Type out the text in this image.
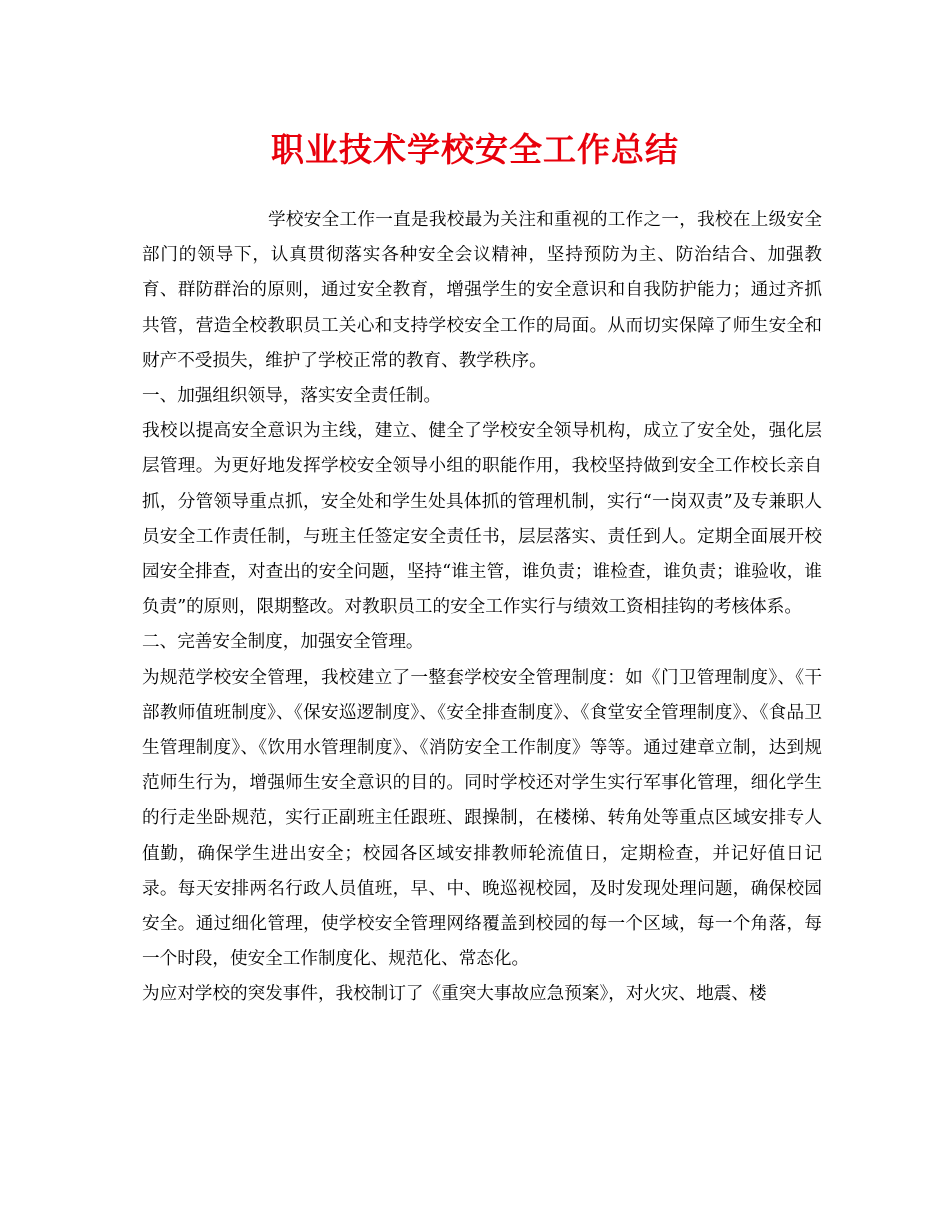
职业技术学校安全工作总结

学校安全工作一直是我校最为关注和重视的工作之一，我校在上级安全部门的领导下，认真贯彻落实各种安全会议精神，坚持预防为主、防治结合、加强教育、群防群治的原则，通过安全教育，增强学生的安全意识和自我防护能力；通过齐抓共管，营造全校教职员工关心和支持学校安全工作的局面。从而切实保障了师生安全和财产不受损失，维护了学校正常的教育、教学秩序。

一、加强组织领导，落实安全责任制。

我校以提高安全意识为主线，建立、健全了学校安全领导机构，成立了安全处，强化层层管理。为更好地发挥学校安全领导小组的职能作用，我校坚持做到安全工作校长亲自抓，分管领导重点抓，安全处和学生处具体抓的管理机制，实行“一岗双责”及专兼职人员安全工作责任制，与班主任签定安全责任书，层层落实、责任到人。定期全面展开校园安全排查，对查出的安全问题，坚持“谁主管，谁负责；谁检查，谁负责；谁验收，谁负责”的原则，限期整改。对教职员工的安全工作实行与绩效工资相挂钩的考核体系。

二、完善安全制度，加强安全管理。

为规范学校安全管理，我校建立了一整套学校安全管理制度：如《门卫管理制度》、《干部教师值班制度》、《保安巡逻制度》、《安全排查制度》、《食堂安全管理制度》、《食品卫生管理制度》、《饮用水管理制度》、《消防安全工作制度》等等。通过建章立制，达到规范师生行为，增强师生安全意识的目的。同时学校还对学生实行军事化管理，细化学生的行走坐卧规范，实行正副班主任跟班、跟操制，在楼梯、转角处等重点区域安排专人值勤，确保学生进出安全；校园各区域安排教师轮流值日，定期检查，并记好值日记录。每天安排两名行政人员值班，早、中、晚巡视校园，及时发现处理问题，确保校园安全。通过细化管理，使学校安全管理网络覆盖到校园的每一个区域，每一个角落，每一个时段，使安全工作制度化、规范化、常态化。

为应对学校的突发事件，我校制订了《重突大事故应急预案》，对火灾、地震、楼
